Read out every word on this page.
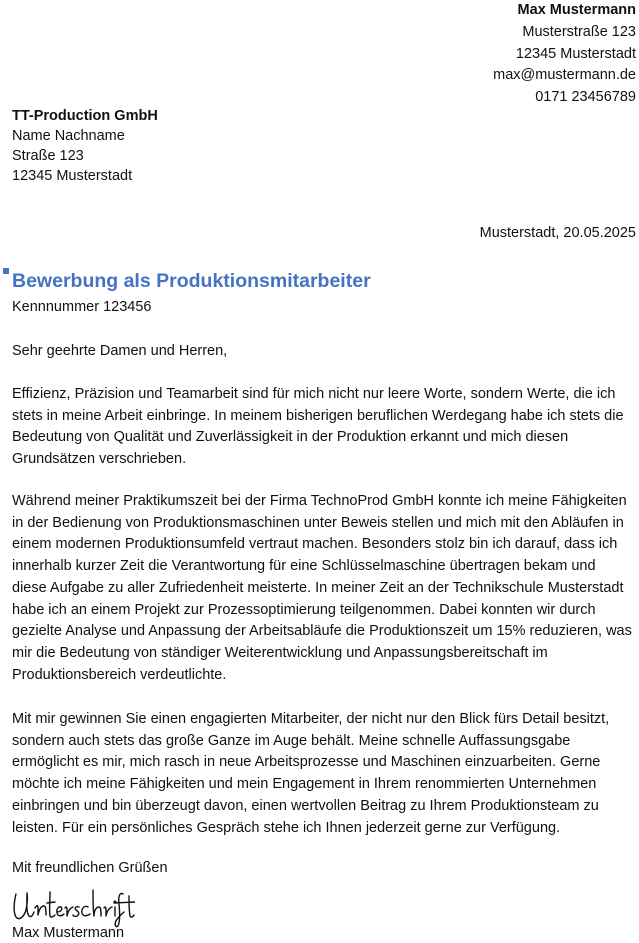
Max Mustermann
Musterstraße 123
12345 Musterstadt
max@mustermann.de
0171 23456789
TT-Production GmbH
Name Nachname
Straße 123
12345 Musterstadt
Musterstadt, 20.05.2025
Bewerbung als Produktionsmitarbeiter
Kennnummer 123456
Sehr geehrte Damen und Herren,

Effizienz, Präzision und Teamarbeit sind für mich nicht nur leere Worte, sondern Werte, die ich stets in meine Arbeit einbringe. In meinem bisherigen beruflichen Werdegang habe ich stets die Bedeutung von Qualität und Zuverlässigkeit in der Produktion erkannt und mich diesen Grundsätzen verschrieben.

Während meiner Praktikumszeit bei der Firma TechnoProd GmbH konnte ich meine Fähigkeiten in der Bedienung von Produktionsmaschinen unter Beweis stellen und mich mit den Abläufen in einem modernen Produktionsumfeld vertraut machen. Besonders stolz bin ich darauf, dass ich innerhalb kurzer Zeit die Verantwortung für eine Schlüsselmaschine übertragen bekam und diese Aufgabe zu aller Zufriedenheit meisterte. In meiner Zeit an der Technikschule Musterstadt habe ich an einem Projekt zur Prozessoptimierung teilgenommen. Dabei konnten wir durch gezielte Analyse und Anpassung der Arbeitsabläufe die Produktionszeit um 15% reduzieren, was mir die Bedeutung von ständiger Weiterentwicklung und Anpassungsbereitschaft im Produktionsbereich verdeutlichte.

Mit mir gewinnen Sie einen engagierten Mitarbeiter, der nicht nur den Blick fürs Detail besitzt, sondern auch stets das große Ganze im Auge behält. Meine schnelle Auffassungsgabe ermöglicht es mir, mich rasch in neue Arbeitsprozesse und Maschinen einzuarbeiten. Gerne möchte ich meine Fähigkeiten und mein Engagement in Ihrem renommierten Unternehmen einbringen und bin überzeugt davon, einen wertvollen Beitrag zu Ihrem Produktionsteam zu leisten. Für ein persönliches Gespräch stehe ich Ihnen jederzeit gerne zur Verfügung.

Mit freundlichen Grüßen
Max Mustermann
